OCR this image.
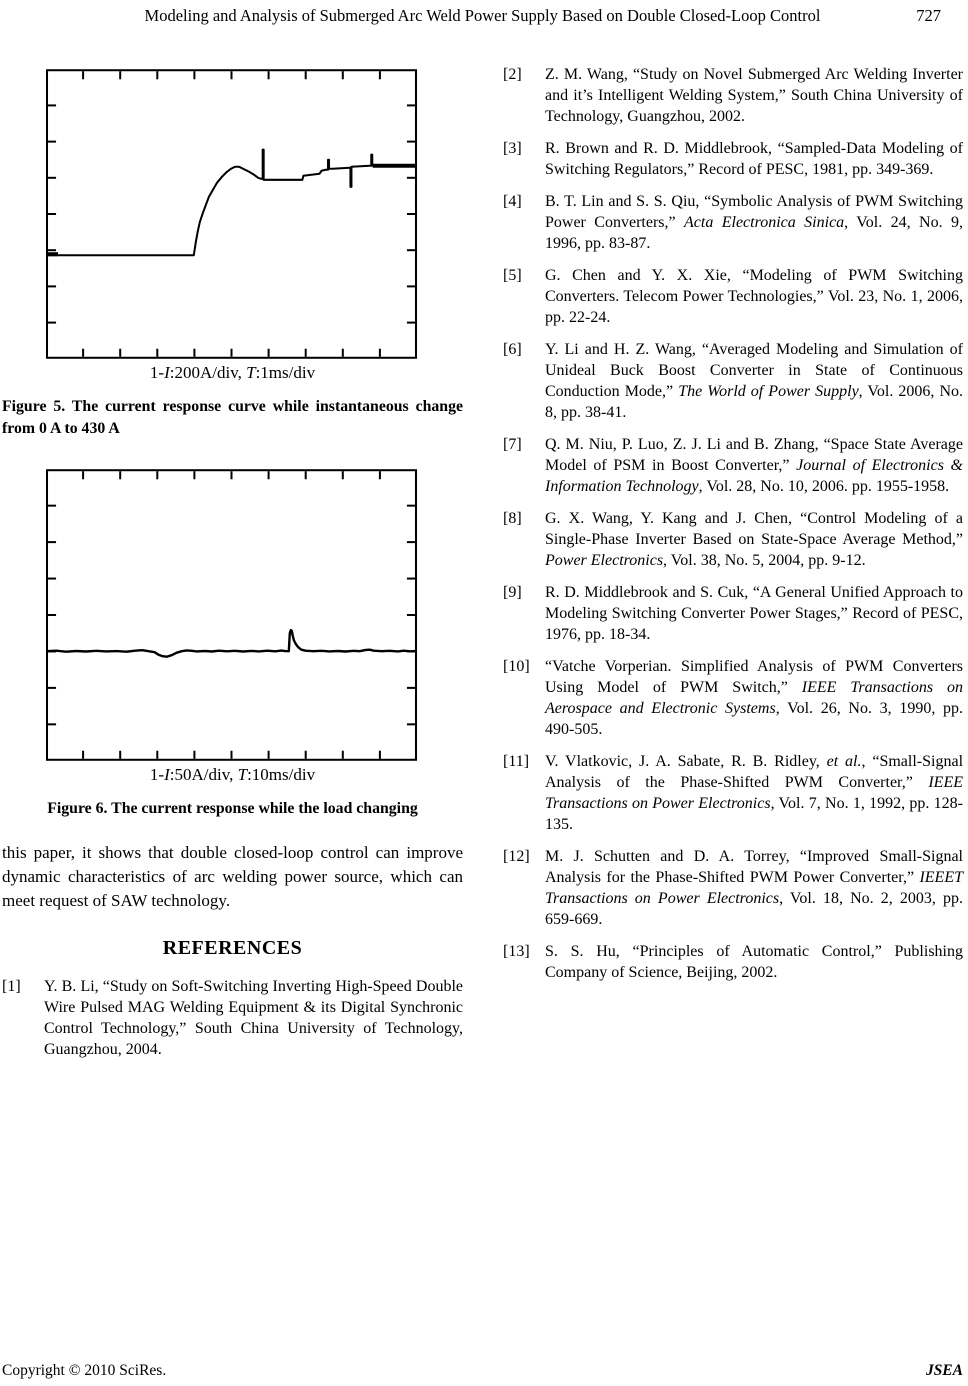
Modeling and Analysis of Submerged Arc Weld Power Supply Based on Double Closed-Loop Control	727
1-I:200A/div, T:1ms/div
Figure 5. The current response curve while instantaneous change from 0 A to 430 A
1-I:50A/div, T:10ms/div
Figure 6. The current response while the load changing

this paper, it shows that double closed-loop control can improve dynamic characteristics of arc welding power source, which can meet request of SAW technology.

REFERENCES
[1] Y. B. Li, “Study on Soft-Switching Inverting High-Speed Double Wire Pulsed MAG Welding Equipment & its Digital Synchronic Control Technology,” South China University of Technology, Guangzhou, 2004.
[2] Z. M. Wang, “Study on Novel Submerged Arc Welding Inverter and it’s Intelligent Welding System,” South China University of Technology, Guangzhou, 2002.
[3] R. Brown and R. D. Middlebrook, “Sampled-Data Modeling of Switching Regulators,” Record of PESC, 1981, pp. 349-369.
[4] B. T. Lin and S. S. Qiu, “Symbolic Analysis of PWM Switching Power Converters,” Acta Electronica Sinica, Vol. 24, No. 9, 1996, pp. 83-87.
[5] G. Chen and Y. X. Xie, “Modeling of PWM Switching Converters. Telecom Power Technologies,” Vol. 23, No. 1, 2006, pp. 22-24.
[6] Y. Li and H. Z. Wang, “Averaged Modeling and Simulation of Unideal Buck Boost Converter in State of Continuous Conduction Mode,” The World of Power Supply, Vol. 2006, No. 8, pp. 38-41.
[7] Q. M. Niu, P. Luo, Z. J. Li and B. Zhang, “Space State Average Model of PSM in Boost Converter,” Journal of Electronics & Information Technology, Vol. 28, No. 10, 2006. pp. 1955-1958.
[8] G. X. Wang, Y. Kang and J. Chen, “Control Modeling of a Single-Phase Inverter Based on State-Space Average Method,” Power Electronics, Vol. 38, No. 5, 2004, pp. 9-12.
[9] R. D. Middlebrook and S. Cuk, “A General Unified Approach to Modeling Switching Converter Power Stages,” Record of PESC, 1976, pp. 18-34.
[10] “Vatche Vorperian. Simplified Analysis of PWM Converters Using Model of PWM Switch,” IEEE Transactions on Aerospace and Electronic Systems, Vol. 26, No. 3, 1990, pp. 490-505.
[11] V. Vlatkovic, J. A. Sabate, R. B. Ridley, et al., “Small-Signal Analysis of the Phase-Shifted PWM Converter,” IEEE Transactions on Power Electronics, Vol. 7, No. 1, 1992, pp. 128-135.
[12] M. J. Schutten and D. A. Torrey, “Improved Small-Signal Analysis for the Phase-Shifted PWM Power Converter,” IEEET Transactions on Power Electronics, Vol. 18, No. 2, 2003, pp. 659-669.
[13] S. S. Hu, “Principles of Automatic Control,” Publishing Company of Science, Beijing, 2002.
Copyright © 2010 SciRes.	JSEA
